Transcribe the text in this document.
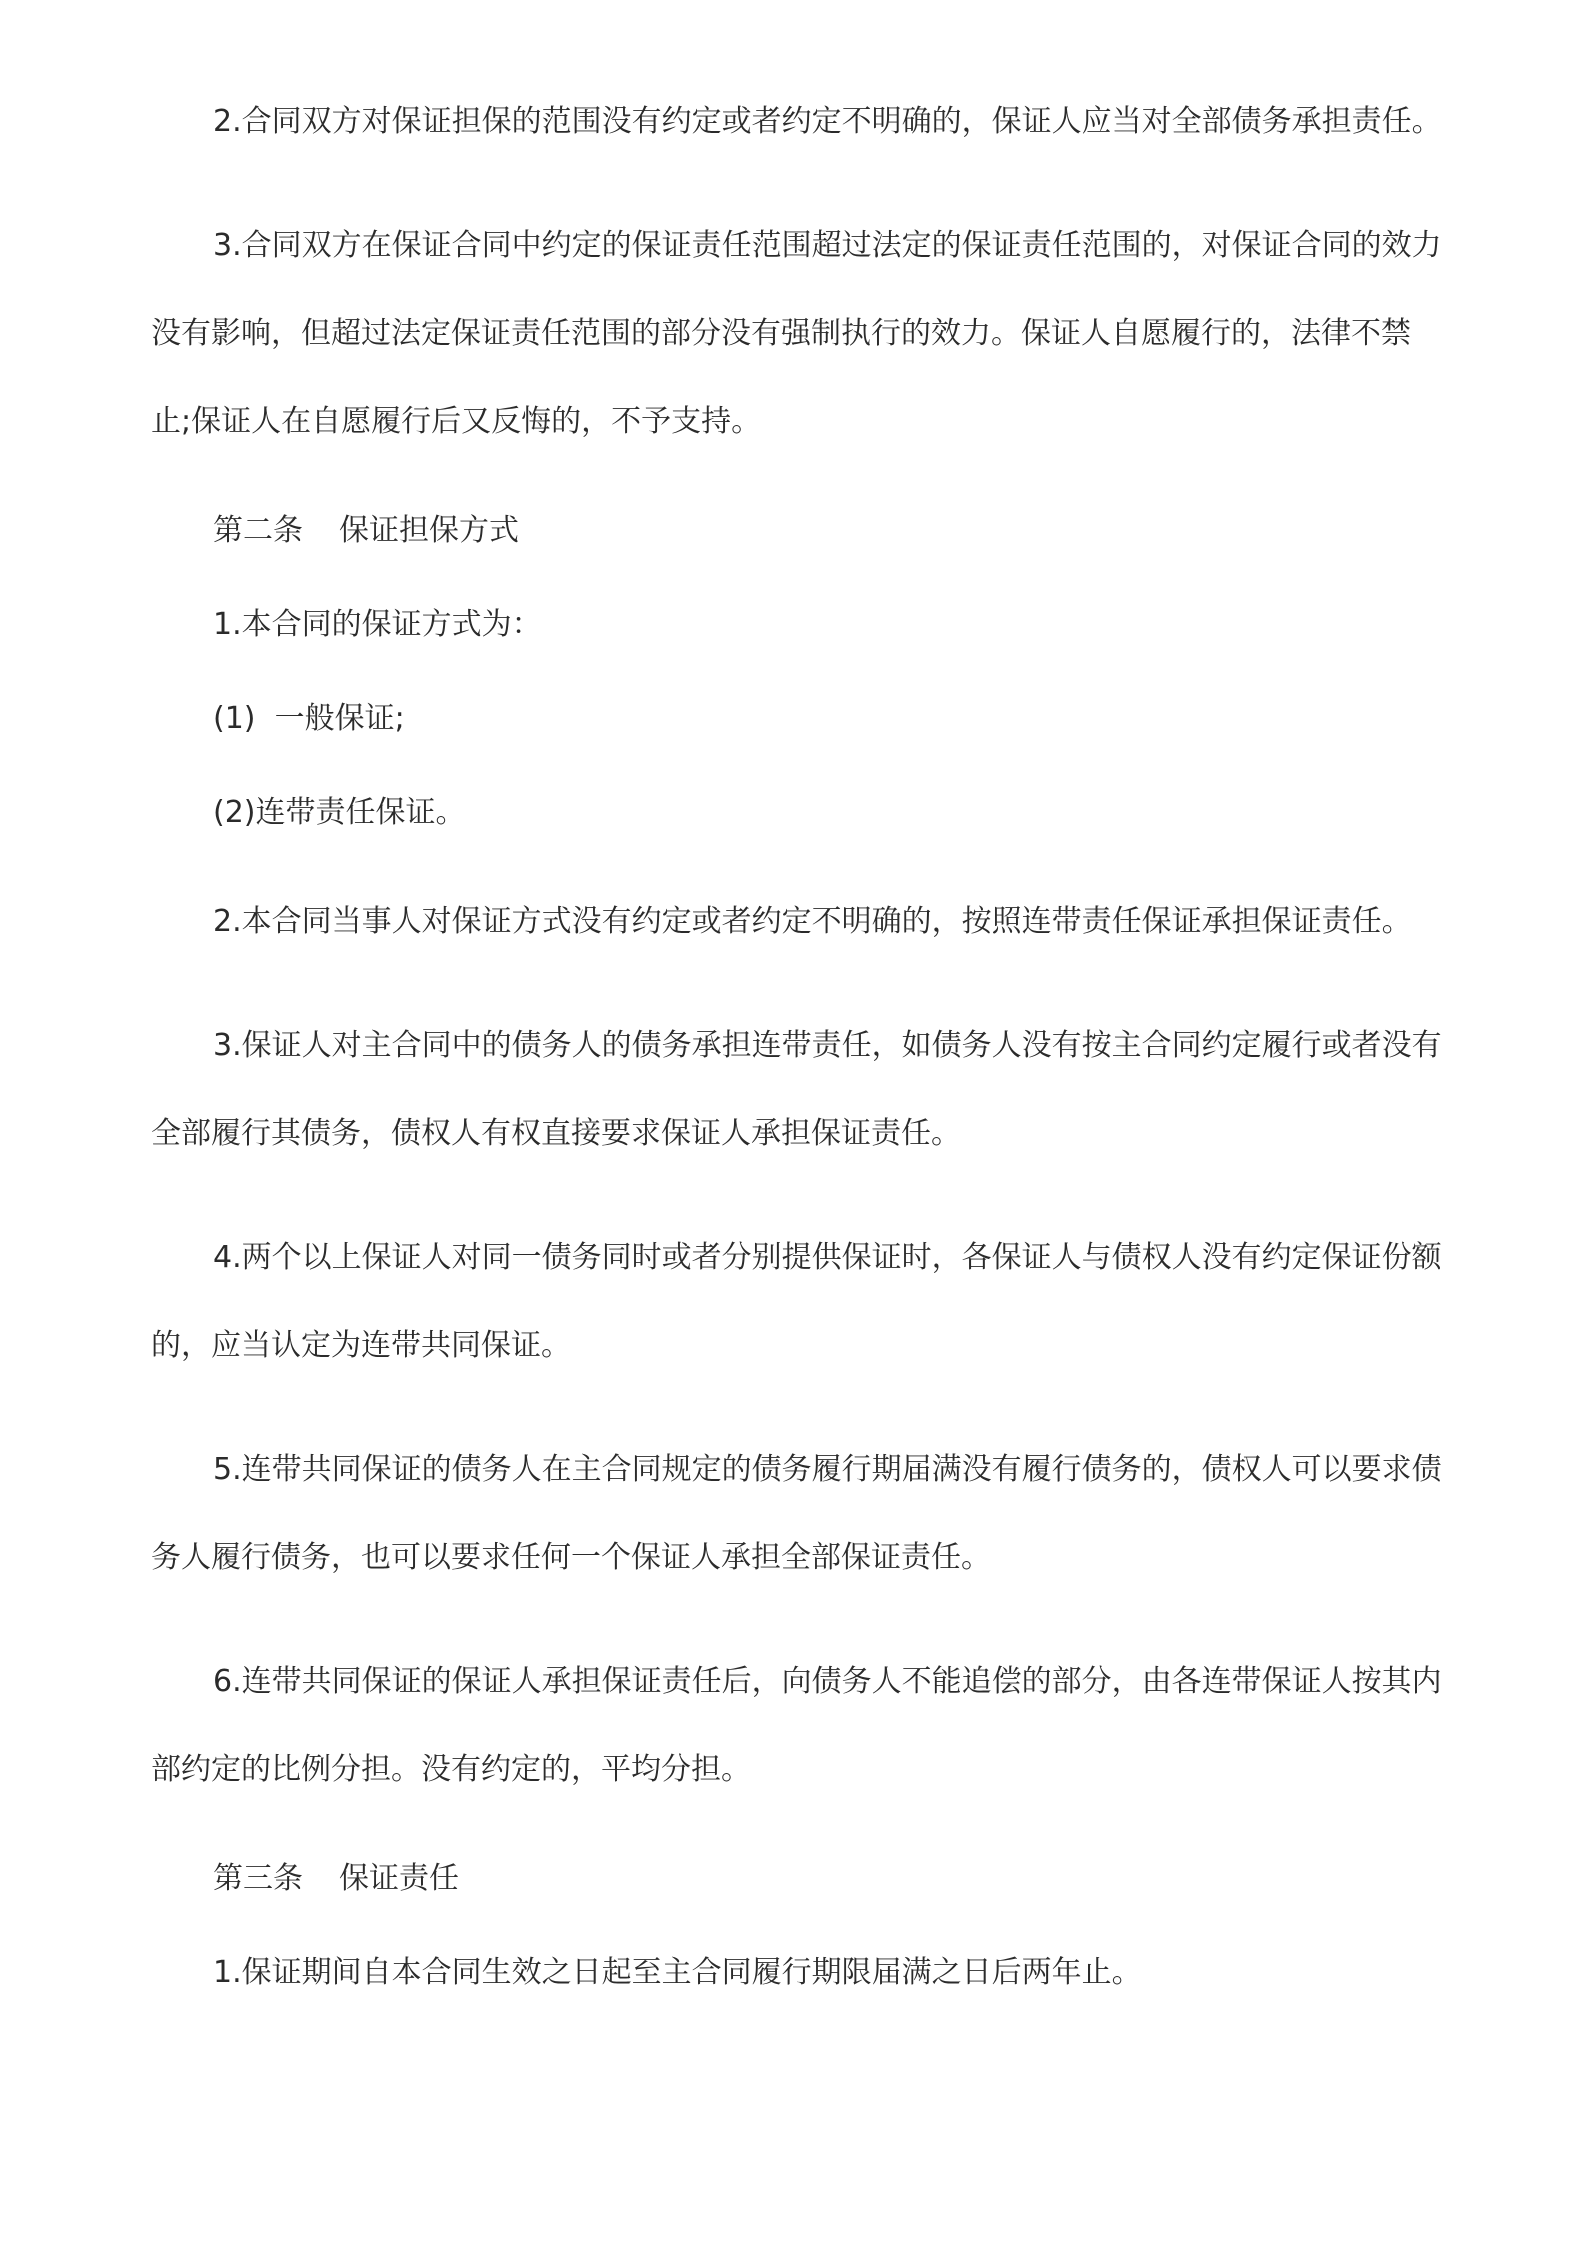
2.合同双方对保证担保的范围没有约定或者约定不明确的，保证人应当对全部债务承担责任。

3.合同双方在保证合同中约定的保证责任范围超过法定的保证责任范围的，对保证合同的效力没有影响，但超过法定保证责任范围的部分没有强制执行的效力。保证人自愿履行的，法律不禁止;保证人在自愿履行后又反悔的，不予支持。

第二条 保证担保方式

1.本合同的保证方式为：

(1)  一般保证;

(2)连带责任保证。

2.本合同当事人对保证方式没有约定或者约定不明确的，按照连带责任保证承担保证责任。

3.保证人对主合同中的债务人的债务承担连带责任，如债务人没有按主合同约定履行或者没有全部履行其债务，债权人有权直接要求保证人承担保证责任。

4.两个以上保证人对同一债务同时或者分别提供保证时，各保证人与债权人没有约定保证份额的，应当认定为连带共同保证。

5.连带共同保证的债务人在主合同规定的债务履行期届满没有履行债务的，债权人可以要求债务人履行债务，也可以要求任何一个保证人承担全部保证责任。

6.连带共同保证的保证人承担保证责任后，向债务人不能追偿的部分，由各连带保证人按其内部约定的比例分担。没有约定的，平均分担。

第三条 保证责任

1.保证期间自本合同生效之日起至主合同履行期限届满之日后两年止。
